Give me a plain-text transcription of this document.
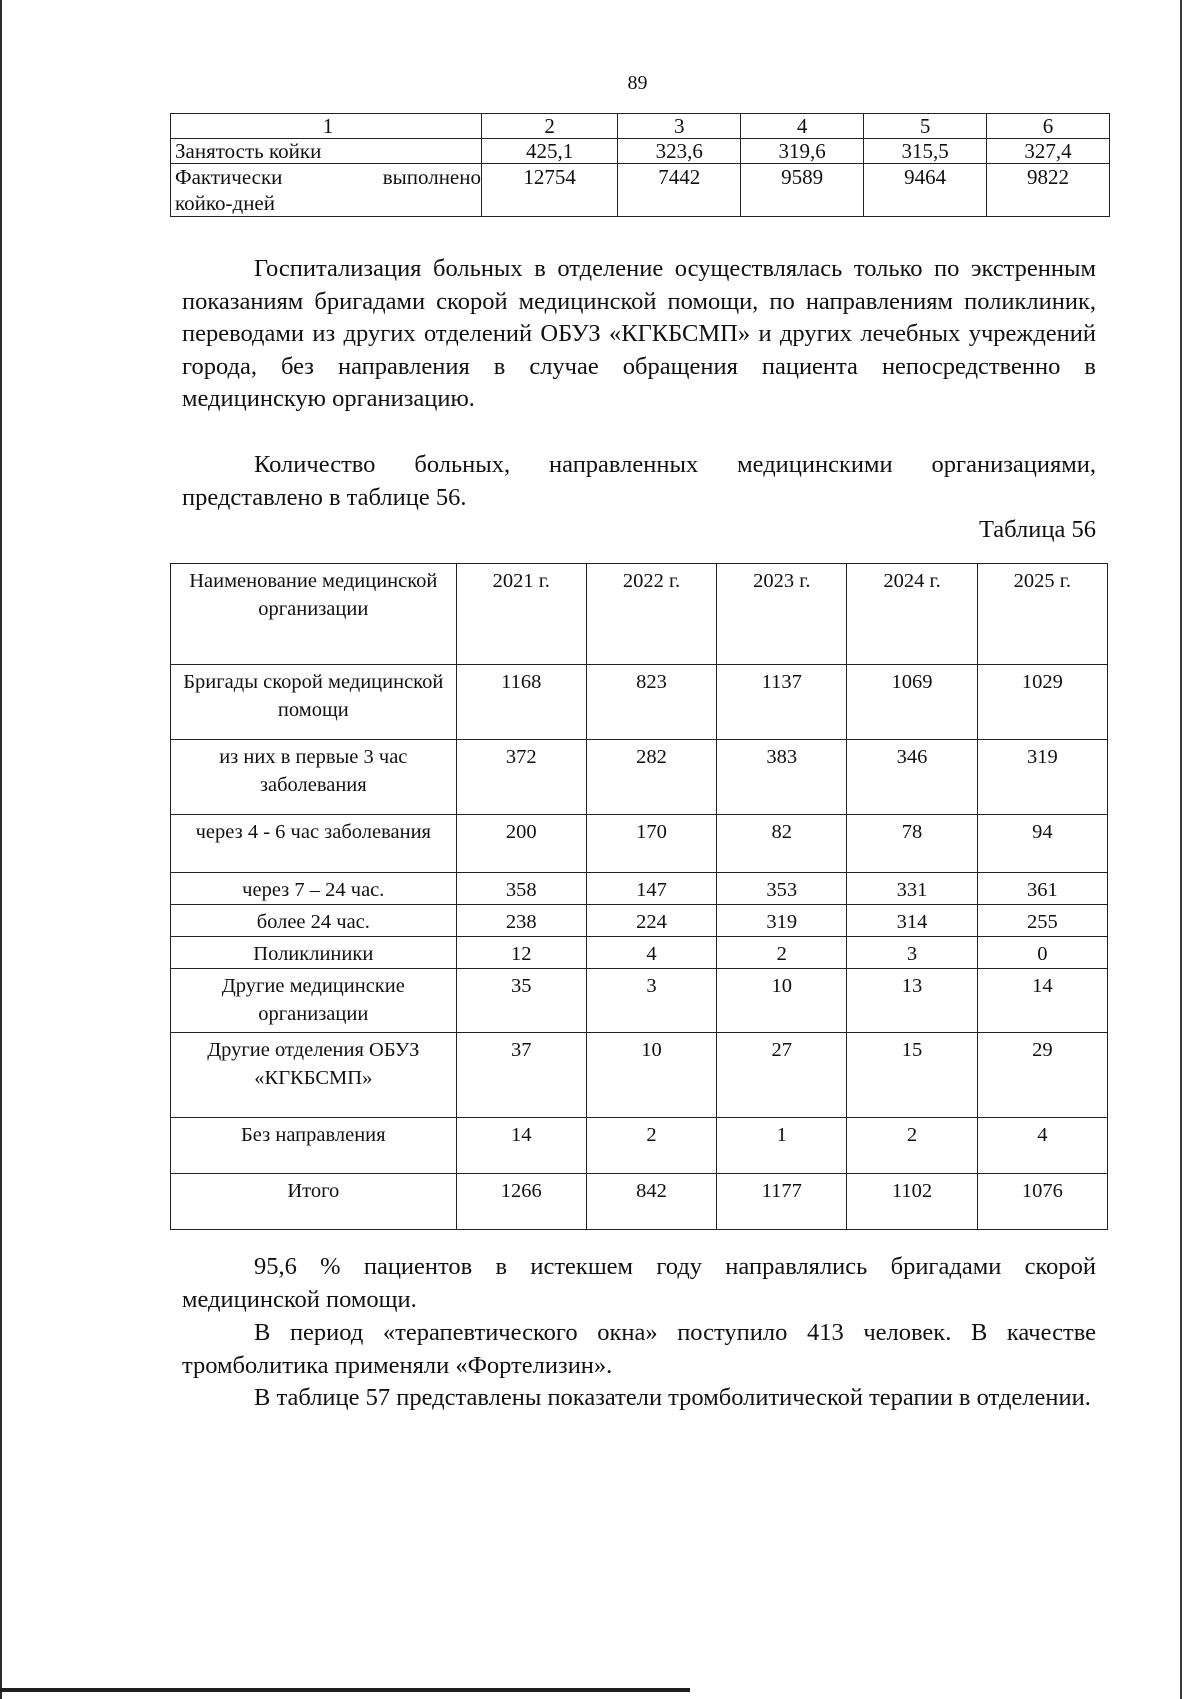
89
1	2	3	4	5	6
Занятость койки	425,1	323,6	319,6	315,5	327,4

Фактически выполнено
койко-дней	12754	7442	9589	9464	9822

Госпитализация больных в отделение осуществлялась только по экстренным показаниям бригадами скорой медицинской помощи, по направлениям поликлиник, переводами из других отделений ОБУЗ «КГКБСМП» и других лечебных учреждений города, без направления в случае обращения пациента непосредственно в медицинскую организацию.

Количество больных, направленных медицинскими организациями, представлено в таблице 56.

Таблица 56
Наименование медицинской организации	2021 г.	2022 г.	2023 г.	2024 г.	2025 г.
Бригады скорой медицинской помощи	1168	823	1137	1069	1029
из них в первые 3 час заболевания	372	282	383	346	319
через 4 - 6 час заболевания	200	170	82	78	94
через 7 – 24 час.	358	147	353	331	361
более 24 час.	238	224	319	314	255
Поликлиники	12	4	2	3	0
Другие медицинские организации	35	3	10	13	14
Другие отделения ОБУЗ «КГКБСМП»	37	10	27	15	29
Без направления	14	2	1	2	4
Итого	1266	842	1177	1102	1076

95,6 % пациентов в истекшем году направлялись бригадами скорой медицинской помощи.

В период «терапевтического окна» поступило 413 человек. В качестве тромболитика применяли «Фортелизин».

В таблице 57 представлены показатели тромболитической терапии в отделении.
